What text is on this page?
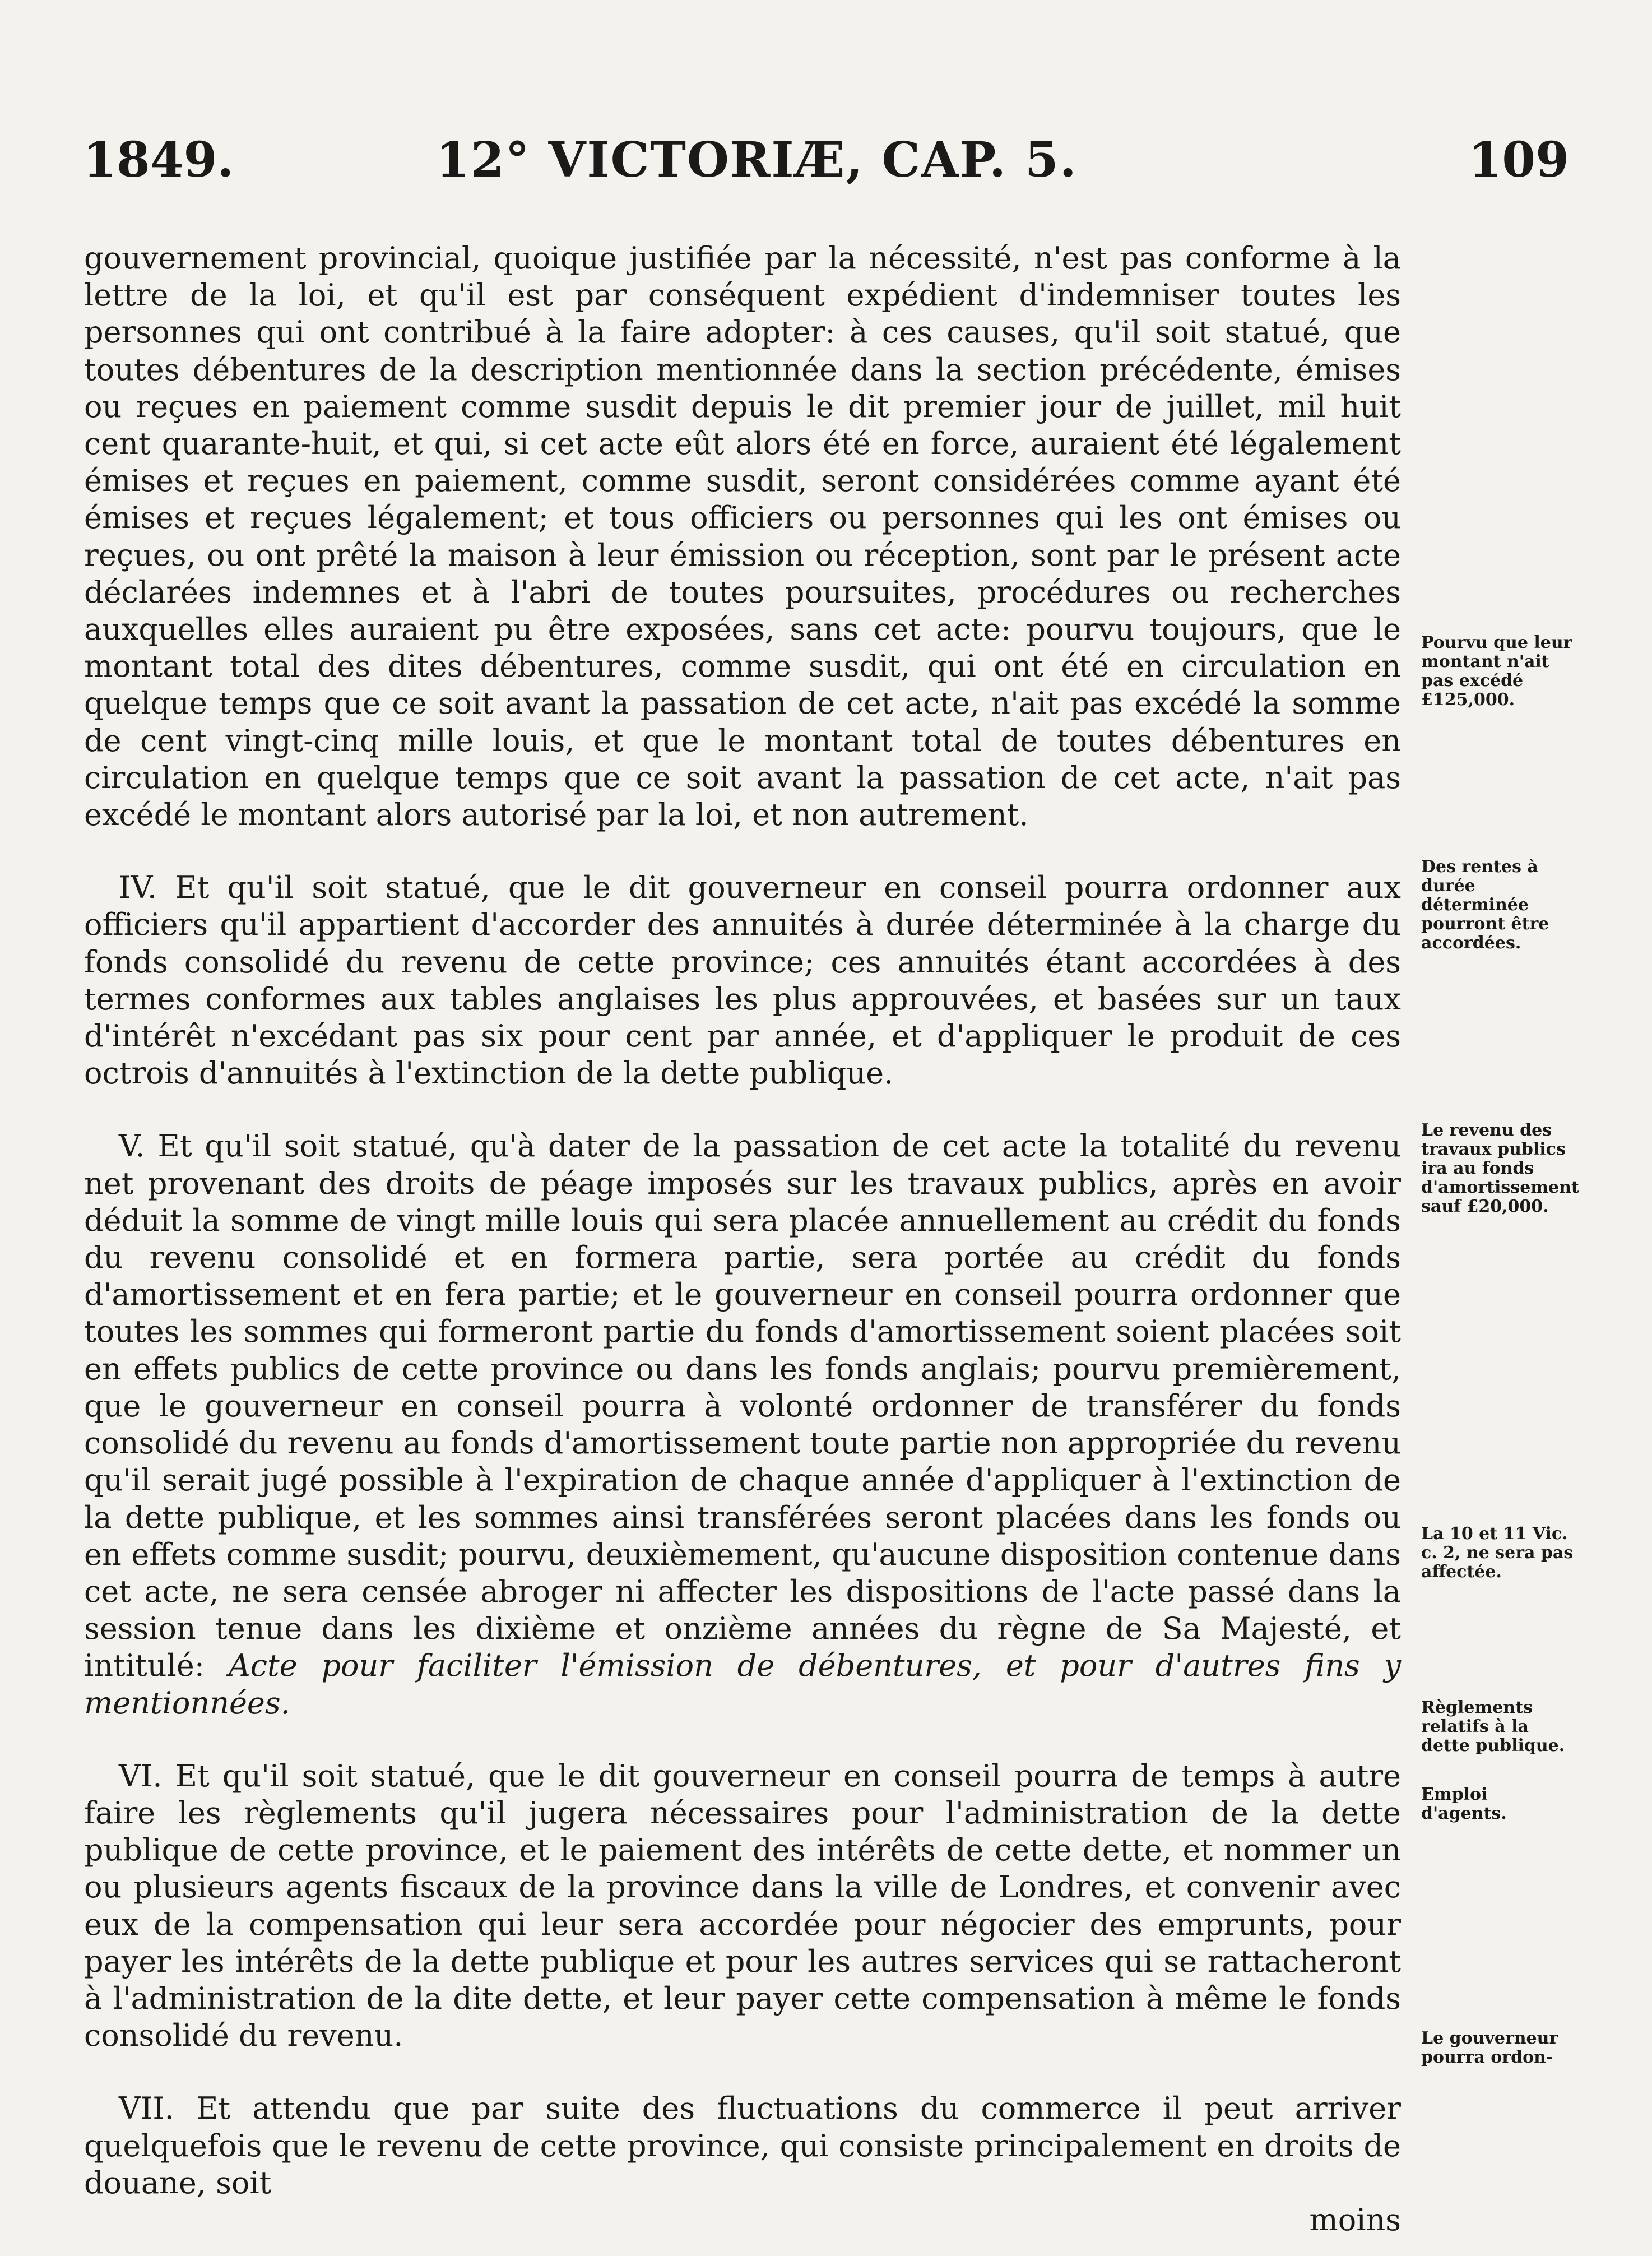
1849.	12° VICTORIÆ, CAP. 5.	109

gouvernement provincial, quoique justifiée par la nécessité, n'est pas conforme à la lettre de la loi, et qu'il est par conséquent expédient d'indemniser toutes les personnes qui ont contribué à la faire adopter: à ces causes, qu'il soit statué, que toutes débentures de la description mentionnée dans la section précédente, émises ou reçues en paiement comme susdit depuis le dit premier jour de juillet, mil huit cent quarante-huit, et qui, si cet acte eût alors été en force, auraient été légalement émises et reçues en paiement, comme susdit, seront considérées comme ayant été émises et reçues légalement; et tous officiers ou personnes qui les ont émises ou reçues, ou ont prêté la maison à leur émission ou réception, sont par le présent acte déclarées indemnes et à l'abri de toutes poursuites, procédures ou recherches auxquelles elles auraient pu être exposées, sans cet acte: pourvu toujours, que le montant total des dites débentures, comme susdit, qui ont été en circulation en quelque temps que ce soit avant la passation de cet acte, n'ait pas excédé la somme de cent vingt-cinq mille louis, et que le montant total de toutes débentures en circulation en quelque temps que ce soit avant la passation de cet acte, n'ait pas excédé le montant alors autorisé par la loi, et non autrement.

IV. Et qu'il soit statué, que le dit gouverneur en conseil pourra ordonner aux officiers qu'il appartient d'accorder des annuités à durée déterminée à la charge du fonds consolidé du revenu de cette province; ces annuités étant accordées à des termes conformes aux tables anglaises les plus approuvées, et basées sur un taux d'intérêt n'excédant pas six pour cent par année, et d'appliquer le produit de ces octrois d'annuités à l'extinction de la dette publique.

V. Et qu'il soit statué, qu'à dater de la passation de cet acte la totalité du revenu net provenant des droits de péage imposés sur les travaux publics, après en avoir déduit la somme de vingt mille louis qui sera placée annuellement au crédit du fonds du revenu consolidé et en formera partie, sera portée au crédit du fonds d'amortissement et en fera partie; et le gouverneur en conseil pourra ordonner que toutes les sommes qui formeront partie du fonds d'amortissement soient placées soit en effets publics de cette province ou dans les fonds anglais; pourvu premièrement, que le gouverneur en conseil pourra à volonté ordonner de transférer du fonds consolidé du revenu au fonds d'amortissement toute partie non appropriée du revenu qu'il serait jugé possible à l'expiration de chaque année d'appliquer à l'extinction de la dette publique, et les sommes ainsi transférées seront placées dans les fonds ou en effets comme susdit; pourvu, deuxièmement, qu'aucune disposition contenue dans cet acte, ne sera censée abroger ni affecter les dispositions de l'acte passé dans la session tenue dans les dixième et onzième années du règne de Sa Majesté, et intitulé: Acte pour faciliter l'émission de débentures, et pour d'autres fins y mentionnées.

VI. Et qu'il soit statué, que le dit gouverneur en conseil pourra de temps à autre faire les règlements qu'il jugera nécessaires pour l'administration de la dette publique de cette province, et le paiement des intérêts de cette dette, et nommer un ou plusieurs agents fiscaux de la province dans la ville de Londres, et convenir avec eux de la compensation qui leur sera accordée pour négocier des emprunts, pour payer les intérêts de la dette publique et pour les autres services qui se rattacheront à l'administration de la dite dette, et leur payer cette compensation à même le fonds consolidé du revenu.

VII. Et attendu que par suite des fluctuations du commerce il peut arriver quelquefois que le revenu de cette province, qui consiste principalement en droits de douane, soit

moins

Pourvu que leur montant n'ait pas excédé £125,000.
Des rentes à durée déterminée pourront être accordées.
Le revenu des travaux publics ira au fonds d'amortissement sauf £20,000.
La 10 et 11 Vic. c. 2, ne sera pas affectée.
Règlements relatifs à la dette publique.
Emploi d'agents.
Le gouverneur pourra ordon-
